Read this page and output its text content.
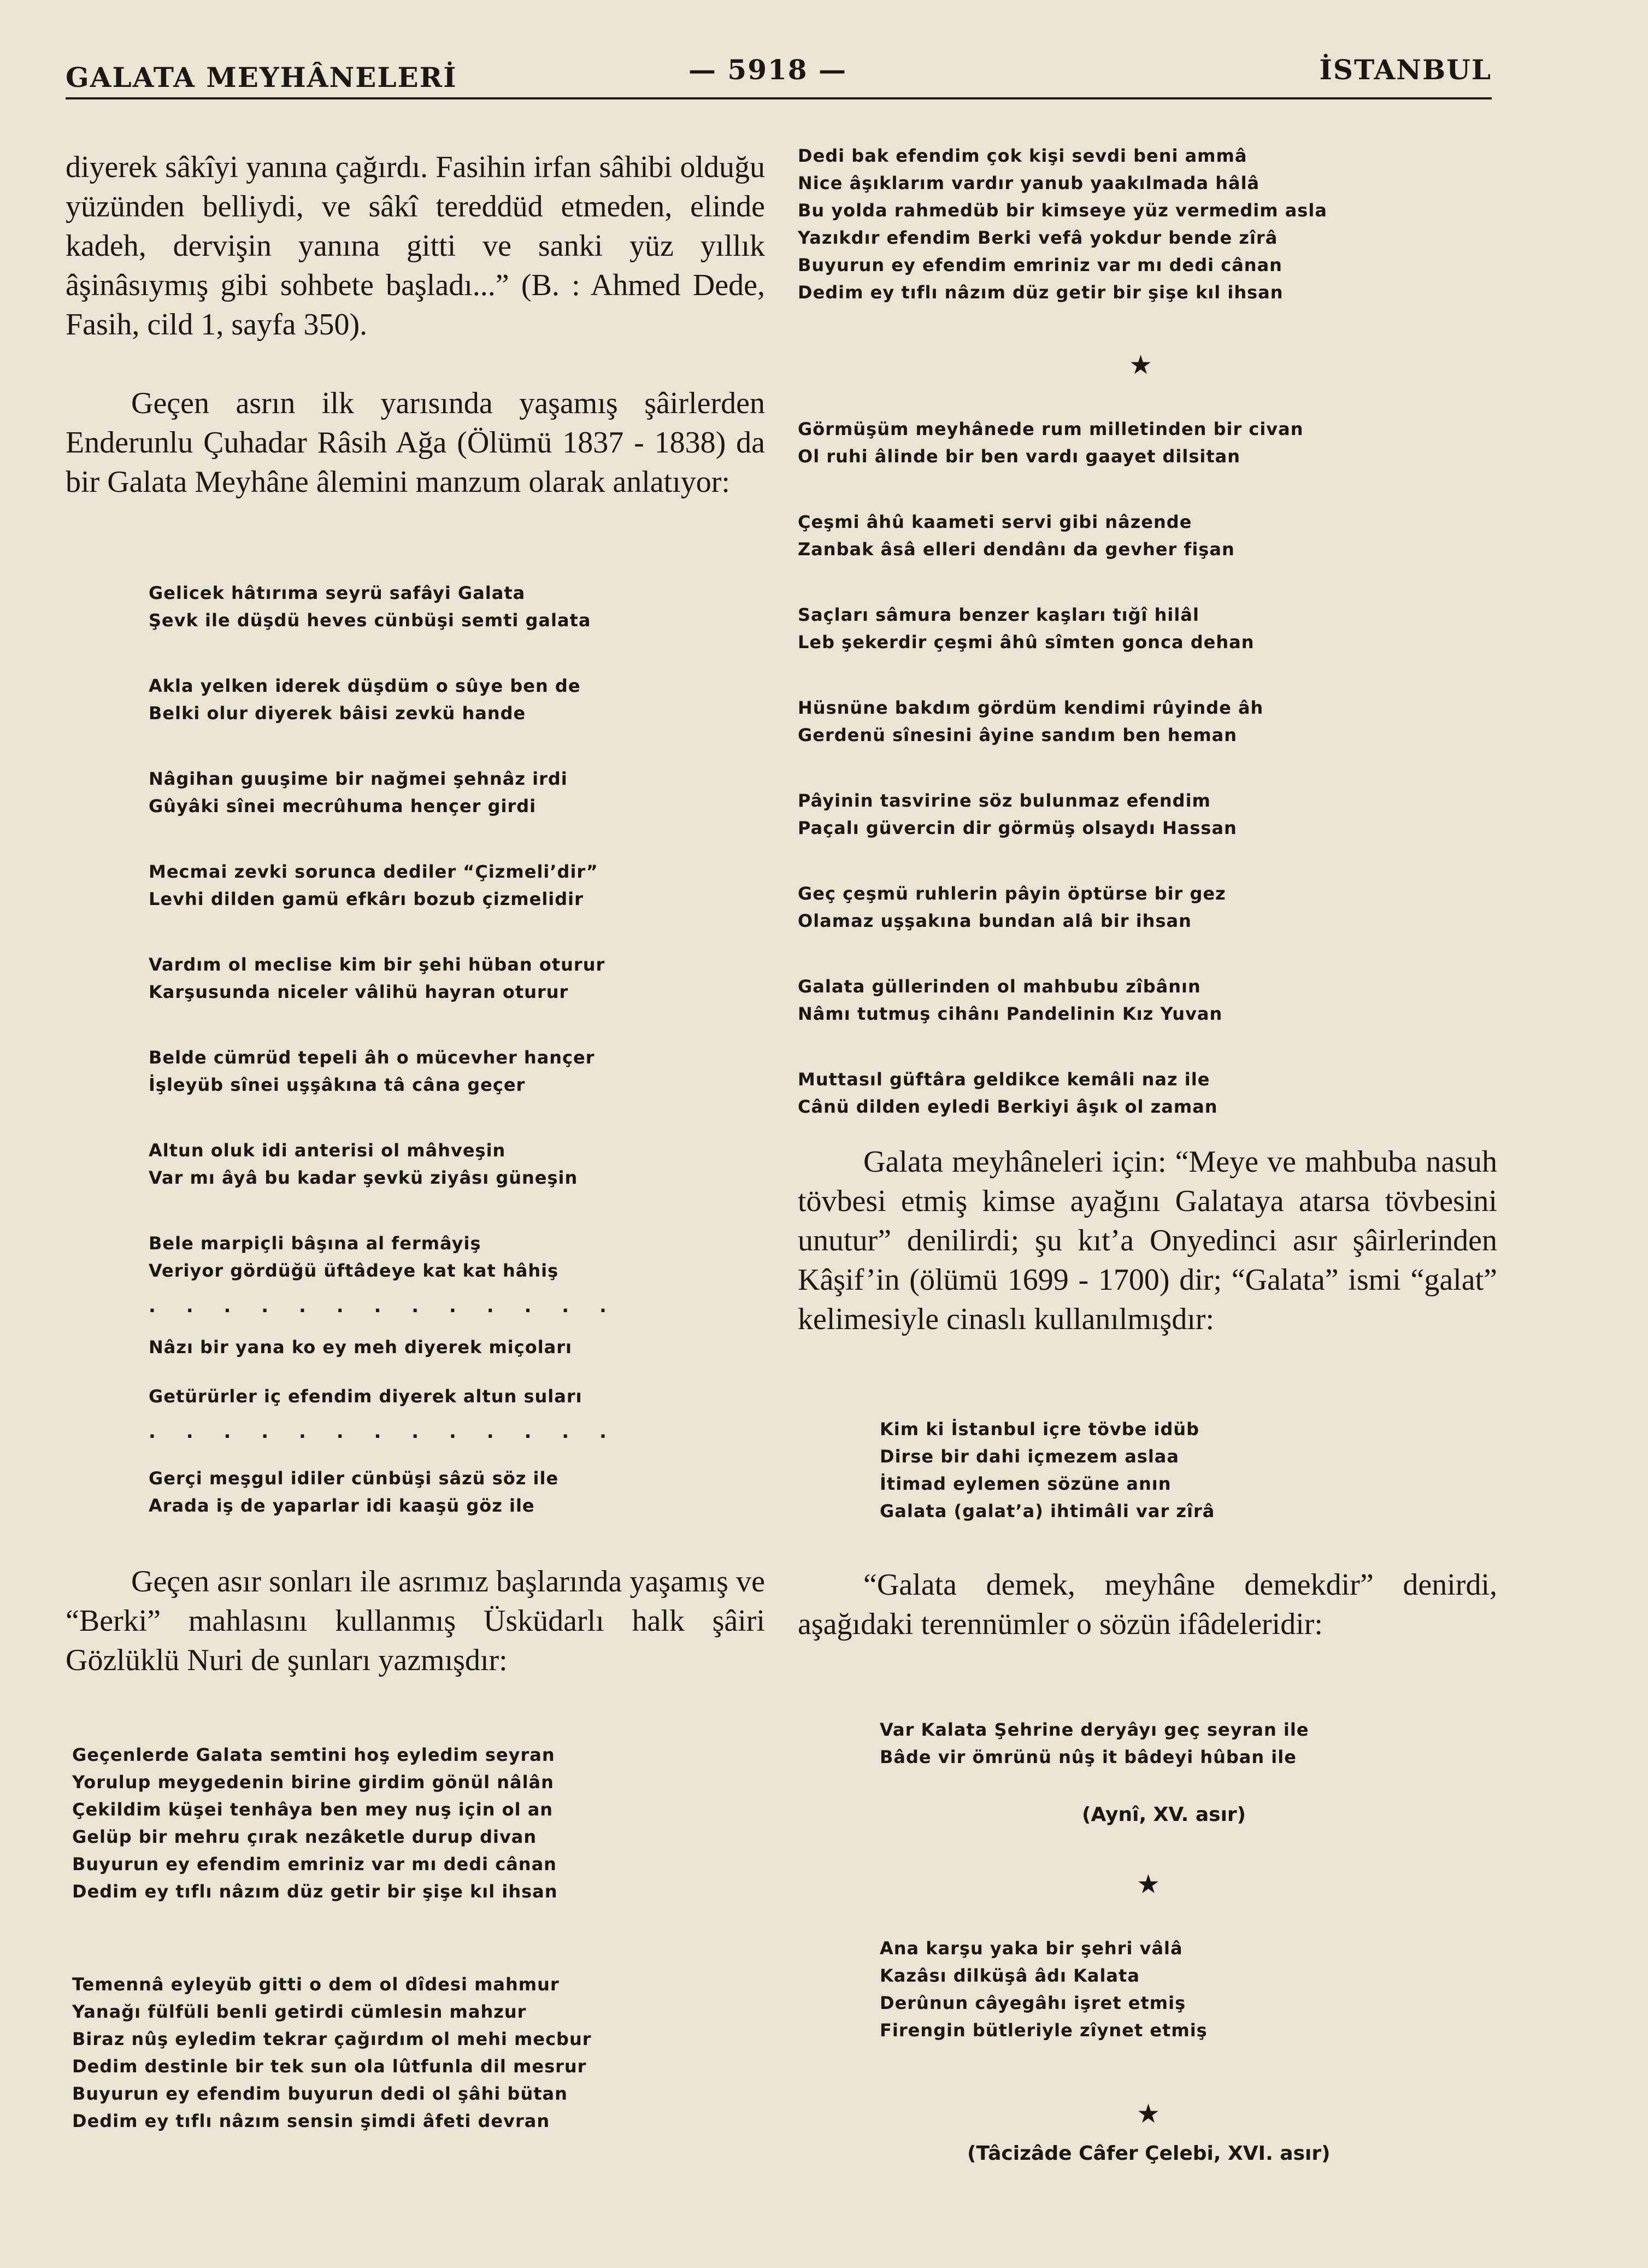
GALATA MEYHÂNELERİ	— 5918 —	İSTANBUL

diyerek sâkîyi yanına çağırdı. Fasihin irfan sâhibi olduğu yüzünden belliydi, ve sâkî tereddüd etmeden, elinde kadeh, dervişin yanına gitti ve sanki yüz yıllık âşinâsıymış gibi sohbete başladı...” (B. : Ahmed Dede, Fasih, cild 1, sayfa 350).

Geçen asrın ilk yarısında yaşamış şâirlerden Enderunlu Çuhadar Râsih Ağa (Ölümü 1837 - 1838) da bir Galata Meyhâne âlemini manzum olarak anlatıyor:

Gelicek hâtırıma seyrü safâyi Galata
Şevk ile düşdü heves cünbüşi semti galata
Akla yelken iderek düşdüm o sûye ben de
Belki olur diyerek bâisi zevkü hande
Nâgihan guuşime bir nağmei şehnâz irdi
Gûyâki sînei mecrûhuma hençer girdi
Mecmai zevki sorunca dediler “Çizmeli’dir”
Levhi dilden gamü efkârı bozub çizmelidir
Vardım ol meclise kim bir şehi hüban oturur
Karşusunda niceler vâlihü hayran oturur
Belde cümrüd tepeli âh o mücevher hançer
İşleyüb sînei uşşâkına tâ câna geçer
Altun oluk idi anterisi ol mâhveşin
Var mı âyâ bu kadar şevkü ziyâsı güneşin
Bele marpiçli bâşına al fermâyiş
Veriyor gördüğü üftâdeye kat kat hâhiş
. . . . . . . . . . . . .
Nâzı bir yana ko ey meh diyerek miçoları
Getürürler iç efendim diyerek altun suları
. . . . . . . . . . . . .
Gerçi meşgul idiler cünbüşi sâzü söz ile
Arada iş de yaparlar idi kaaşü göz ile

Geçen asır sonları ile asrımız başlarında yaşamış ve “Berki” mahlasını kullanmış Üsküdarlı halk şâiri Gözlüklü Nuri de şunları yazmışdır:

Geçenlerde Galata semtini hoş eyledim seyran
Yorulup meygedenin birine girdim gönül nâlân
Çekildim küşei tenhâya ben mey nuş için ol an
Gelüp bir mehru çırak nezâketle durup divan
Buyurun ey efendim emriniz var mı dedi cânan
Dedim ey tıflı nâzım düz getir bir şişe kıl ihsan
Temennâ eyleyüb gitti o dem ol dîdesi mahmur
Yanağı fülfüli benli getirdi cümlesin mahzur
Biraz nûş eyledim tekrar çağırdım ol mehi mecbur
Dedim destinle bir tek sun ola lûtfunla dil mesrur
Buyurun ey efendim buyurun dedi ol şâhi bütan
Dedim ey tıflı nâzım sensin şimdi âfeti devran
Dedi bak efendim çok kişi sevdi beni ammâ
Nice âşıklarım vardır yanub yaakılmada hâlâ
Bu yolda rahmedüb bir kimseye yüz vermedim asla
Yazıkdır efendim Berki vefâ yokdur bende zîrâ
Buyurun ey efendim emriniz var mı dedi cânan
Dedim ey tıflı nâzım düz getir bir şişe kıl ihsan
★
Görmüşüm meyhânede rum milletinden bir civan
Ol ruhi âlinde bir ben vardı gaayet dilsitan
Çeşmi âhû kaameti servi gibi nâzende
Zanbak âsâ elleri dendânı da gevher fişan
Saçları sâmura benzer kaşları tığî hilâl
Leb şekerdir çeşmi âhû sîmten gonca dehan
Hüsnüne bakdım gördüm kendimi rûyinde âh
Gerdenü sînesini âyine sandım ben heman
Pâyinin tasvirine söz bulunmaz efendim
Paçalı güvercin dir görmüş olsaydı Hassan
Geç çeşmü ruhlerin pâyin öptürse bir gez
Olamaz uşşakına bundan alâ bir ihsan
Galata güllerinden ol mahbubu zîbânın
Nâmı tutmuş cihânı Pandelinin Kız Yuvan
Muttasıl güftâra geldikce kemâli naz ile
Cânü dilden eyledi Berkiyi âşık ol zaman

Galata meyhâneleri için: “Meye ve mahbuba nasuh tövbesi etmiş kimse ayağını Galataya atarsa tövbesini unutur” denilirdi; şu kıt’a Onyedinci asır şâirlerinden Kâşif’in (ölümü 1699 - 1700) dir; “Galata” ismi “galat” kelimesiyle cinaslı kullanılmışdır:

Kim ki İstanbul içre tövbe idüb
Dirse bir dahi içmezem aslaa
İtimad eylemen sözüne anın
Galata (galat’a) ihtimâli var zîrâ

“Galata demek, meyhâne demekdir” denirdi, aşağıdaki terennümler o sözün ifâdeleridir:

Var Kalata Şehrine deryâyı geç seyran ile
Bâde vir ömrünü nûş it bâdeyi hûban ile
(Aynî, XV. asır)
★
Ana karşu yaka bir şehri vâlâ
Kazâsı dilküşâ âdı Kalata
Derûnun câyegâhı işret etmiş
Firengin bütleriyle zîynet etmiş
★
(Tâcizâde Câfer Çelebi, XVI. asır)
